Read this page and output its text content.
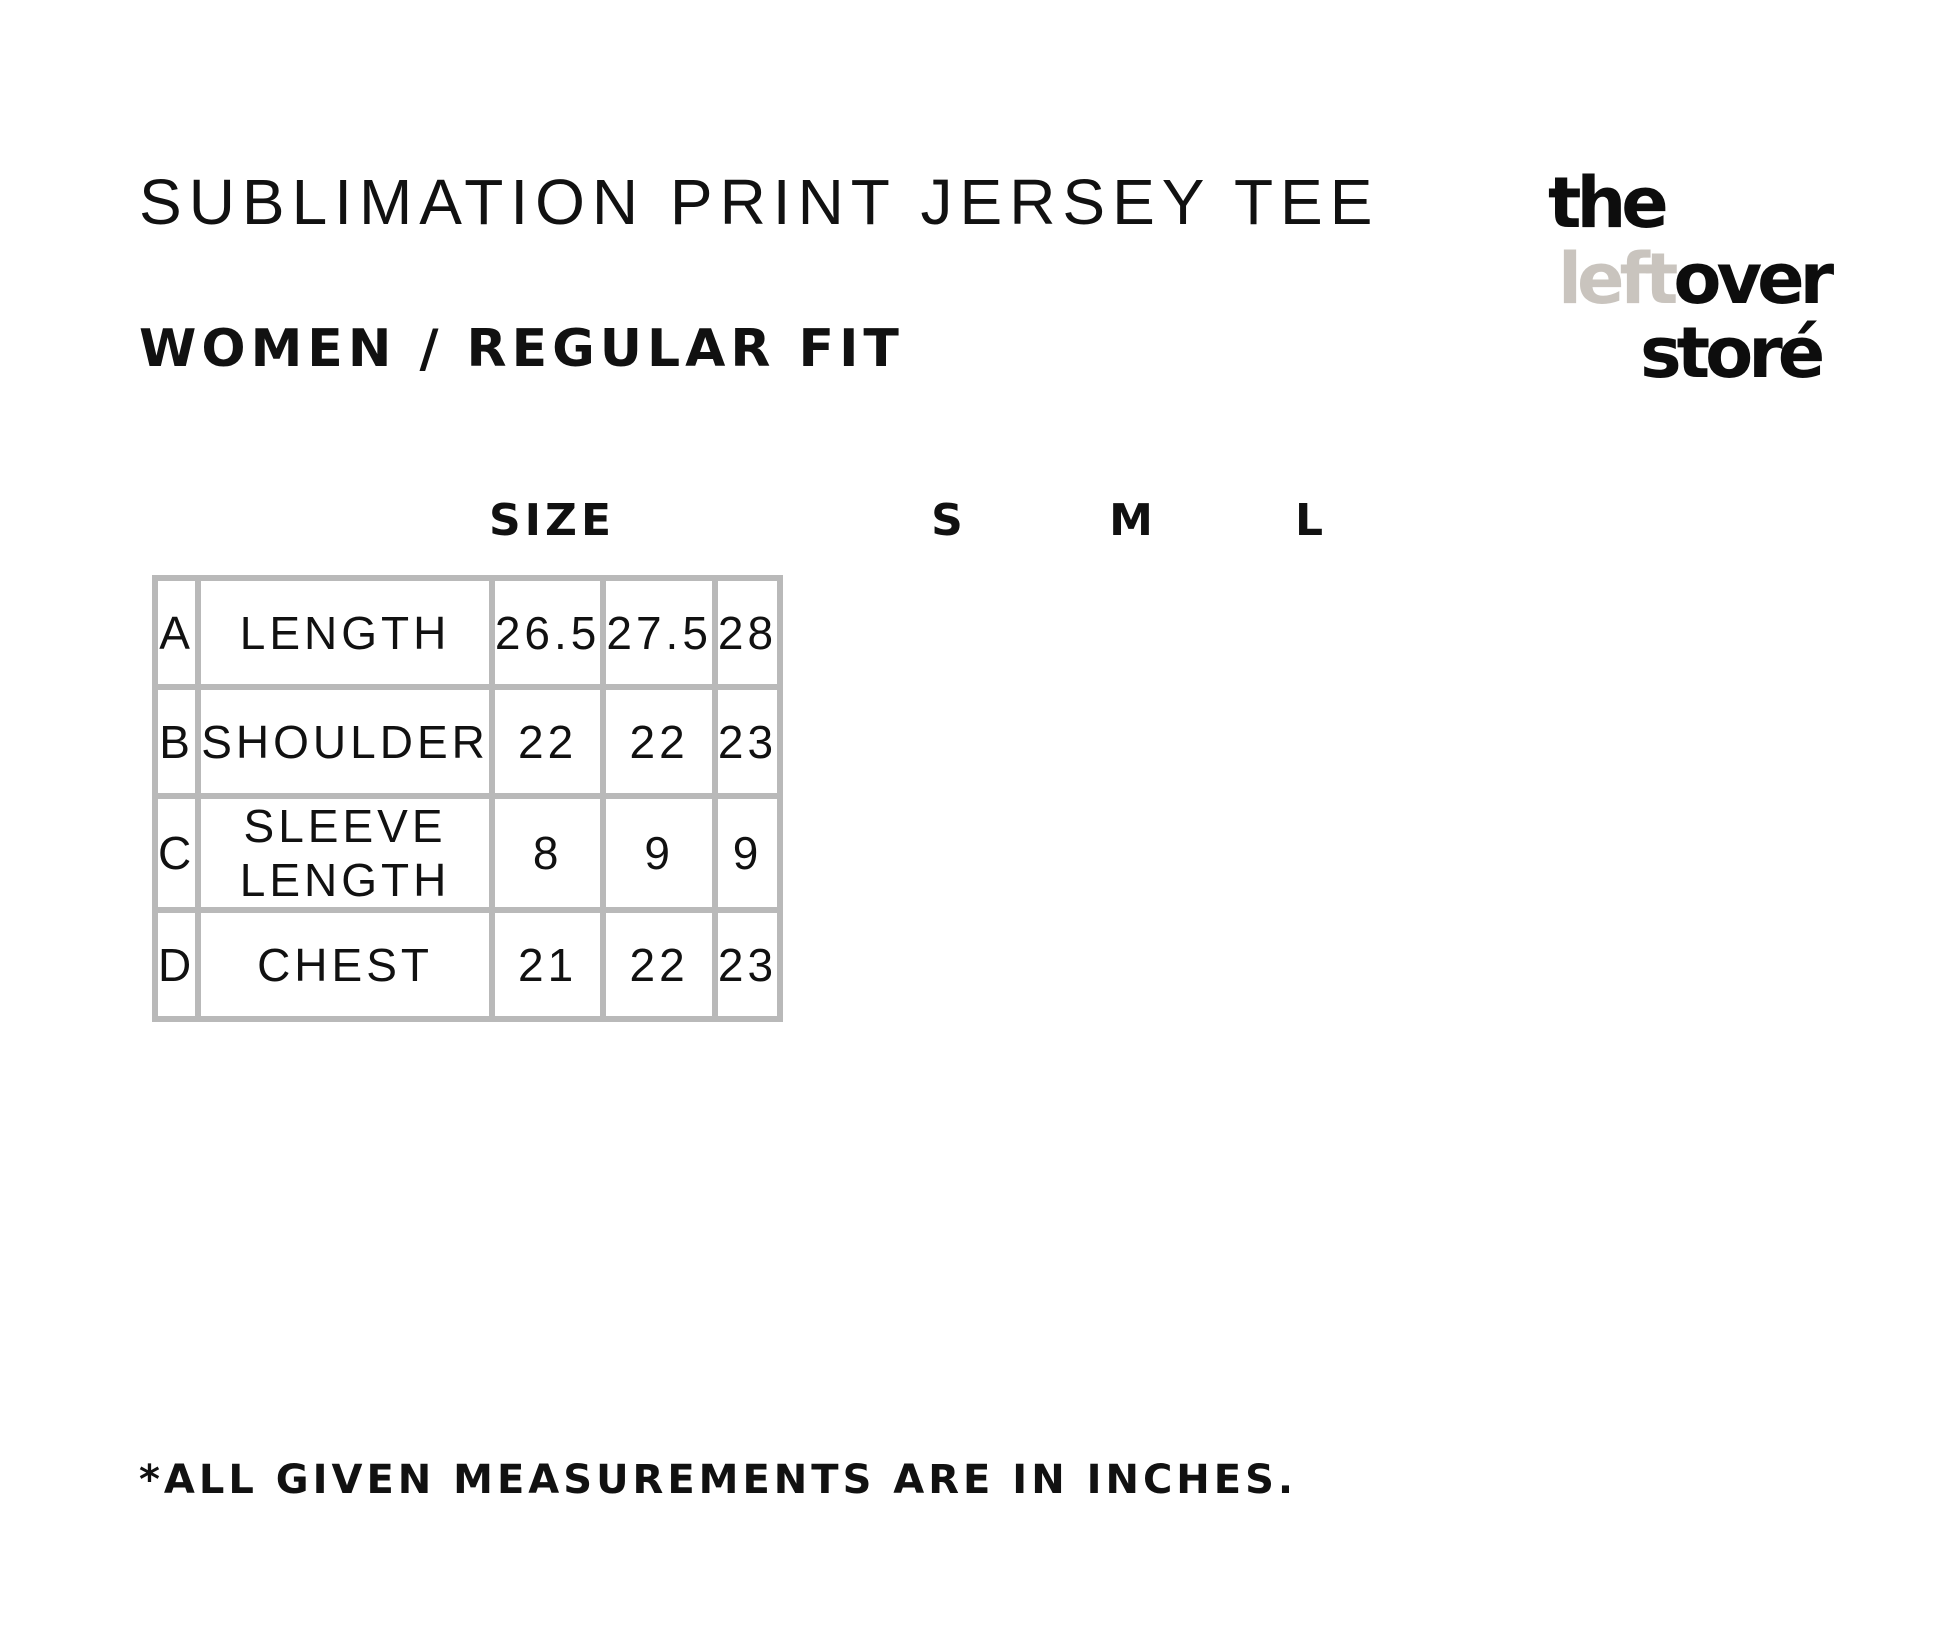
SUBLIMATION PRINT JERSEY TEE
WOMEN / REGULAR FIT
the
leftover
storé
SIZE	S	M	L
A	LENGTH	26.5	27.5	28
B	SHOULDER	22	22	23
C	SLEEVE LENGTH	8	9	9
D	CHEST	21	22	23
*ALL GIVEN MEASUREMENTS ARE IN INCHES.
